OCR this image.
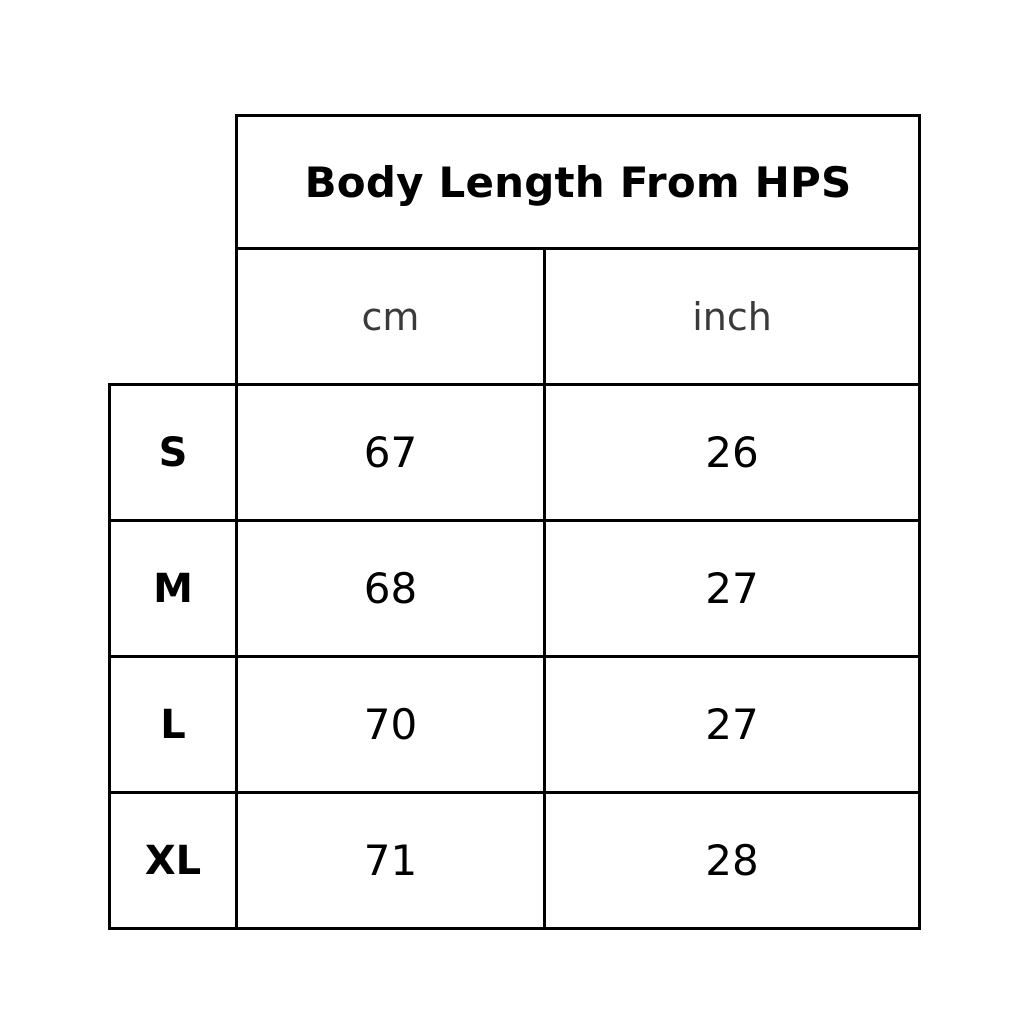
	Body Length From HPS	
	cm	inch
S	67	26
M	68	27
L	70	27
XL	71	28
